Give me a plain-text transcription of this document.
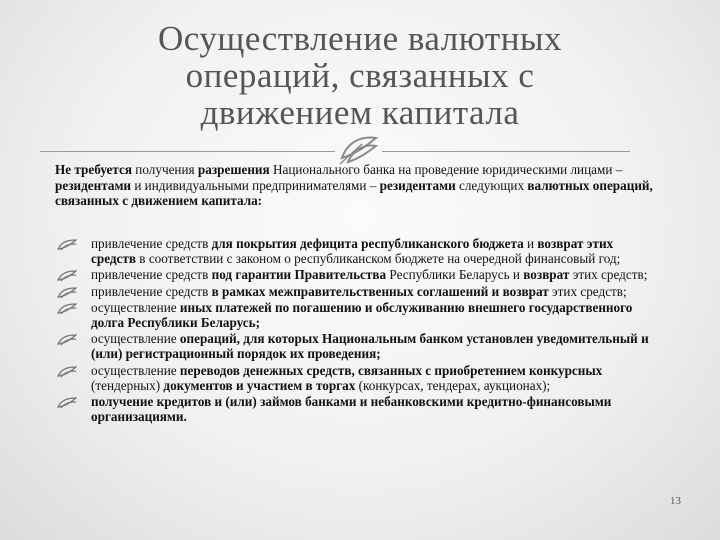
Осуществление валютных операций, связанных с движением капитала
Не требуется получения разрешения Национального банка на проведение юридическими лицами – резидентами и индивидуальными предпринимателями – резидентами следующих валютных операций, связанных с движением капитала:
привлечение средств для покрытия дефицита республиканского бюджета и возврат этих средств в соответствии с законом о республиканском бюджете на очередной финансовый год;
привлечение средств под гарантии Правительства Республики Беларусь и возврат этих средств;
привлечение средств в рамках межправительственных соглашений и возврат этих средств;
осуществление иных платежей по погашению и обслуживанию внешнего государственного долга Республики Беларусь;
осуществление операций, для которых Национальным банком установлен уведомительный и (или) регистрационный порядок их проведения;
осуществление переводов денежных средств, связанных с приобретением конкурсных (тендерных) документов и участием в торгах (конкурсах, тендерах, аукционах);
получение кредитов и (или) займов банками и небанковскими кредитно-финансовыми организациями.
13
